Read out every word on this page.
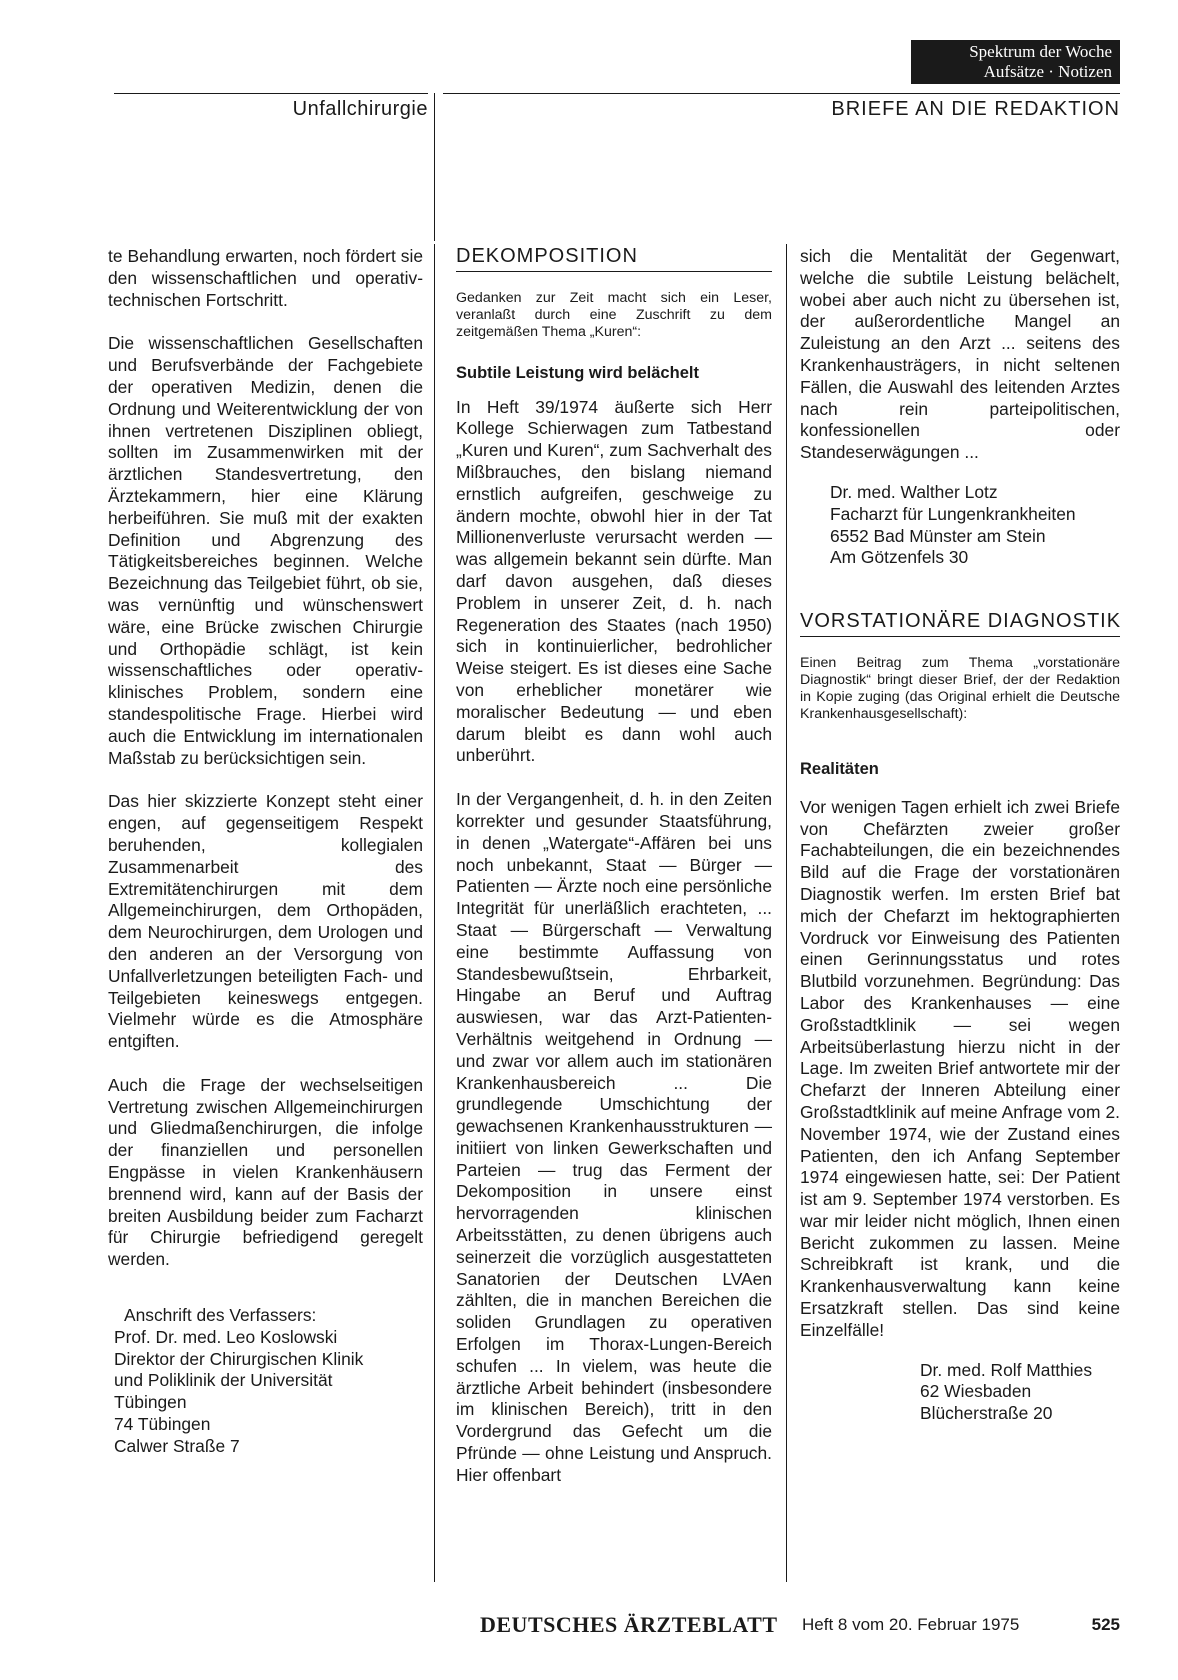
Spektrum der Woche
Aufsätze · Notizen
Unfallchirurgie	BRIEFE AN DIE REDAKTION

te Behandlung erwarten, noch fördert sie den wissenschaftlichen und operativ-technischen Fortschritt.

Die wissenschaftlichen Gesellschaften und Berufsverbände der Fachgebiete der operativen Medizin, denen die Ordnung und Weiterentwicklung der von ihnen vertretenen Disziplinen obliegt, sollten im Zusammenwirken mit der ärztlichen Standesvertretung, den Ärztekammern, hier eine Klärung herbeiführen. Sie muß mit der exakten Definition und Abgrenzung des Tätigkeitsbereiches beginnen. Welche Bezeichnung das Teilgebiet führt, ob sie, was vernünftig und wünschenswert wäre, eine Brücke zwischen Chirurgie und Orthopädie schlägt, ist kein wissenschaftliches oder operativ-klinisches Problem, sondern eine standespolitische Frage. Hierbei wird auch die Entwicklung im internationalen Maßstab zu berücksichtigen sein.

Das hier skizzierte Konzept steht einer engen, auf gegenseitigem Respekt beruhenden, kollegialen Zusammenarbeit des Extremitätenchirurgen mit dem Allgemeinchirurgen, dem Orthopäden, dem Neurochirurgen, dem Urologen und den anderen an der Versorgung von Unfallverletzungen beteiligten Fach- und Teilgebieten keineswegs entgegen. Vielmehr würde es die Atmosphäre entgiften.

Auch die Frage der wechselseitigen Vertretung zwischen Allgemeinchirurgen und Gliedmaßenchirurgen, die infolge der finanziellen und personellen Engpässe in vielen Krankenhäusern brennend wird, kann auf der Basis der breiten Ausbildung beider zum Facharzt für Chirurgie befriedigend geregelt werden.

Anschrift des Verfassers:

Prof. Dr. med. Leo Koslowski

Direktor der Chirurgischen Klinik

und Poliklinik der Universität

Tübingen

74 Tübingen

Calwer Straße 7

DEKOMPOSITION

Gedanken zur Zeit macht sich ein Leser, veranlaßt durch eine Zuschrift zu dem zeitgemäßen Thema „Kuren“:

Subtile Leistung wird belächelt

In Heft 39/1974 äußerte sich Herr Kollege Schierwagen zum Tatbestand „Kuren und Kuren“, zum Sachverhalt des Mißbrauches, den bislang niemand ernstlich aufgreifen, geschweige zu ändern mochte, obwohl hier in der Tat Millionenverluste verursacht werden — was allgemein bekannt sein dürfte. Man darf davon ausgehen, daß dieses Problem in unserer Zeit, d. h. nach Regeneration des Staates (nach 1950) sich in kontinuierlicher, bedrohlicher Weise steigert. Es ist dieses eine Sache von erheblicher monetärer wie moralischer Bedeutung — und eben darum bleibt es dann wohl auch unberührt.

In der Vergangenheit, d. h. in den Zeiten korrekter und gesunder Staatsführung, in denen „Watergate“-Affären bei uns noch unbekannt, Staat — Bürger — Patienten — Ärzte noch eine persönliche Integrität für unerläßlich erachteten, ... Staat — Bürgerschaft — Verwaltung eine bestimmte Auffassung von Standesbewußtsein, Ehrbarkeit, Hingabe an Beruf und Auftrag auswiesen, war das Arzt-Patienten-Verhältnis weitgehend in Ordnung — und zwar vor allem auch im stationären Krankenhausbereich ... Die grundlegende Umschichtung der gewachsenen Krankenhausstrukturen — initiiert von linken Gewerkschaften und Parteien — trug das Ferment der Dekomposition in unsere einst hervorragenden klinischen Arbeitsstätten, zu denen übrigens auch seinerzeit die vorzüglich ausgestatteten Sanatorien der Deutschen LVAen zählten, die in manchen Bereichen die soliden Grundlagen zu operativen Erfolgen im Thorax-Lungen-Bereich schufen ... In vielem, was heute die ärztliche Arbeit behindert (insbesondere im klinischen Bereich), tritt in den Vordergrund das Gefecht um die Pfründe — ohne Leistung und Anspruch. Hier offenbart

sich die Mentalität der Gegenwart, welche die subtile Leistung belächelt, wobei aber auch nicht zu übersehen ist, der außerordentliche Mangel an Zuleistung an den Arzt ... seitens des Krankenhausträgers, in nicht seltenen Fällen, die Auswahl des leitenden Arztes nach rein parteipolitischen, konfessionellen oder Standeserwägungen ...

Dr. med. Walther Lotz

Facharzt für Lungenkrankheiten

6552 Bad Münster am Stein

Am Götzenfels 30

VORSTATIONÄRE DIAGNOSTIK

Einen Beitrag zum Thema „vorstationäre Diagnostik“ bringt dieser Brief, der der Redaktion in Kopie zuging (das Original erhielt die Deutsche Krankenhausgesellschaft):

Realitäten

Vor wenigen Tagen erhielt ich zwei Briefe von Chefärzten zweier großer Fachabteilungen, die ein bezeichnendes Bild auf die Frage der vorstationären Diagnostik werfen. Im ersten Brief bat mich der Chefarzt im hektographierten Vordruck vor Einweisung des Patienten einen Gerinnungsstatus und rotes Blutbild vorzunehmen. Begründung: Das Labor des Krankenhauses — eine Großstadtklinik — sei wegen Arbeitsüberlastung hierzu nicht in der Lage. Im zweiten Brief antwortete mir der Chefarzt der Inneren Abteilung einer Großstadtklinik auf meine Anfrage vom 2. November 1974, wie der Zustand eines Patienten, den ich Anfang September 1974 eingewiesen hatte, sei: Der Patient ist am 9. September 1974 verstorben. Es war mir leider nicht möglich, Ihnen einen Bericht zukommen zu lassen. Meine Schreibkraft ist krank, und die Krankenhausverwaltung kann keine Ersatzkraft stellen. Das sind keine Einzelfälle!

Dr. med. Rolf Matthies

62 Wiesbaden

Blücherstraße 20

DEUTSCHES ÄRZTEBLATT Heft 8 vom 20. Februar 1975	525
